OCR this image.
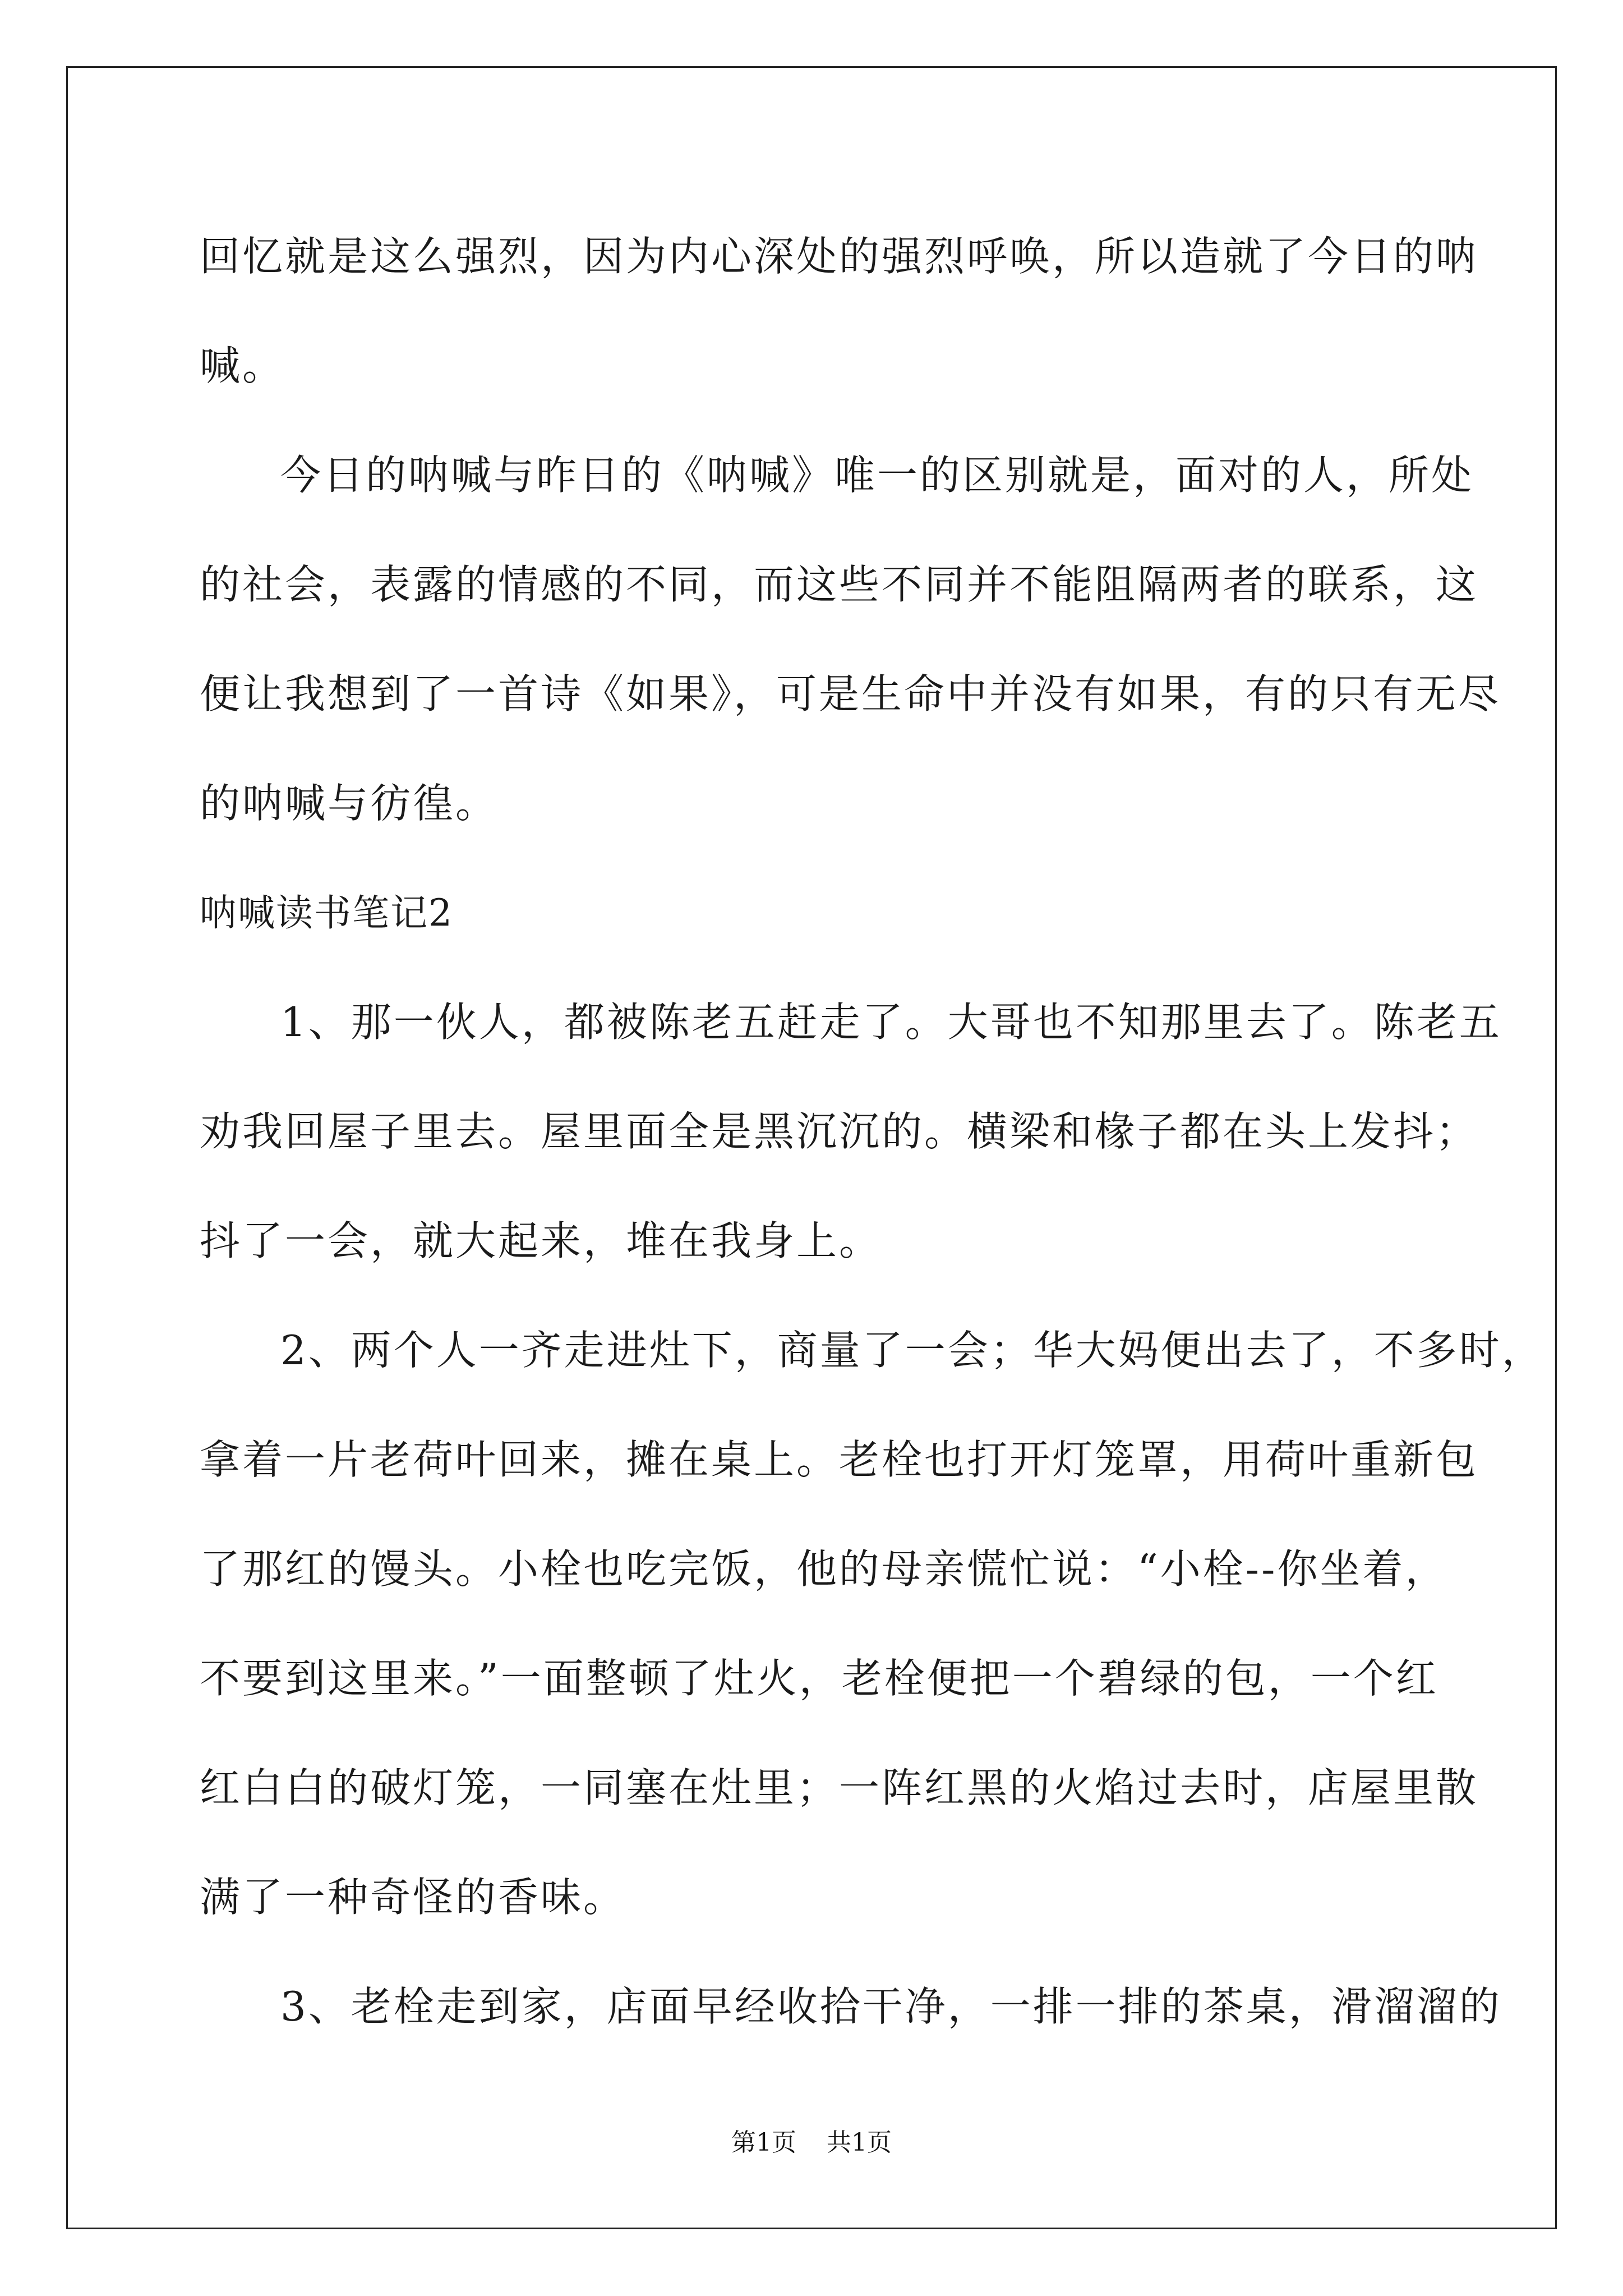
回忆就是这么强烈，因为内心深处的强烈呼唤，所以造就了今日的呐
喊。
今日的呐喊与昨日的《呐喊》唯一的区别就是，面对的人，所处
的社会，表露的情感的不同，而这些不同并不能阻隔两者的联系，这
便让我想到了一首诗《如果》，可是生命中并没有如果，有的只有无尽
的呐喊与彷徨。
呐喊读书笔记2
1、那一伙人，都被陈老五赶走了。大哥也不知那里去了。陈老五
劝我回屋子里去。屋里面全是黑沉沉的。横梁和椽子都在头上发抖；
抖了一会，就大起来，堆在我身上。
2、两个人一齐走进灶下，商量了一会；华大妈便出去了，不多时，
拿着一片老荷叶回来，摊在桌上。老栓也打开灯笼罩，用荷叶重新包
了那红的馒头。小栓也吃完饭，他的母亲慌忙说：“小栓--你坐着，
不要到这里来。”一面整顿了灶火，老栓便把一个碧绿的包，一个红
红白白的破灯笼，一同塞在灶里；一阵红黑的火焰过去时，店屋里散
满了一种奇怪的香味。
3、老栓走到家，店面早经收拾干净，一排一排的茶桌，滑溜溜的
第1页 共1页
